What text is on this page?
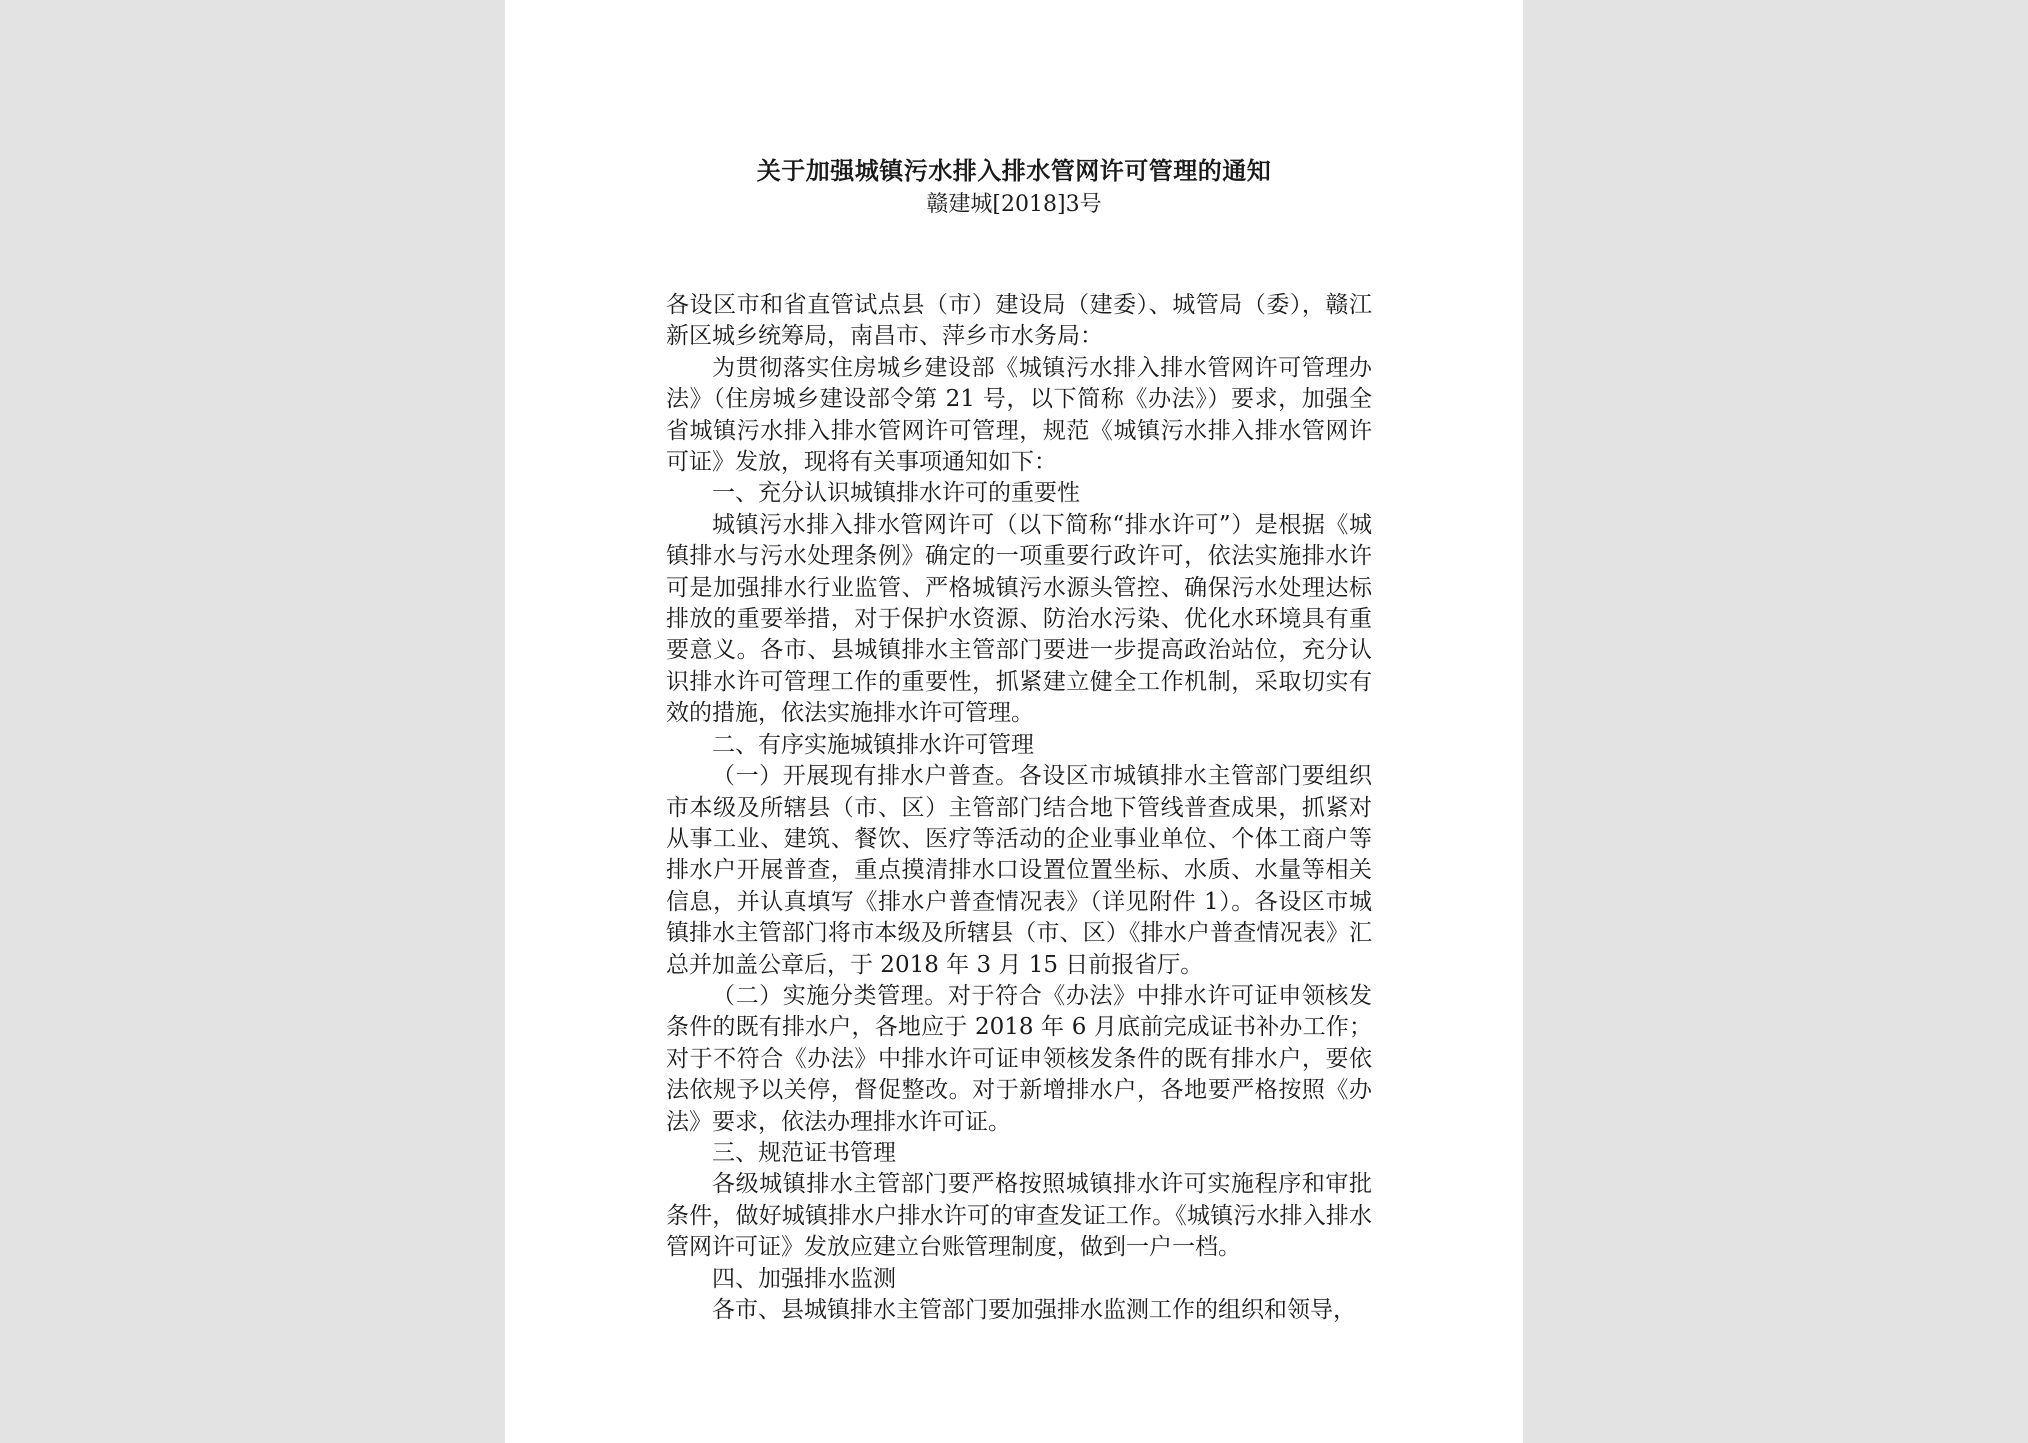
关于加强城镇污水排入排水管网许可管理的通知
赣建城[2018]3号

各设区市和省直管试点县（市）建设局（建委）、城管局（委），赣江新区城乡统筹局，南昌市、萍乡市水务局：

为贯彻落实住房城乡建设部《城镇污水排入排水管网许可管理办法》（住房城乡建设部令第 21 号，以下简称《办法》）要求，加强全省城镇污水排入排水管网许可管理，规范《城镇污水排入排水管网许可证》发放，现将有关事项通知如下：

一、充分认识城镇排水许可的重要性

城镇污水排入排水管网许可（以下简称“排水许可”）是根据《城镇排水与污水处理条例》确定的一项重要行政许可，依法实施排水许可是加强排水行业监管、严格城镇污水源头管控、确保污水处理达标排放的重要举措，对于保护水资源、防治水污染、优化水环境具有重要意义。各市、县城镇排水主管部门要进一步提高政治站位，充分认识排水许可管理工作的重要性，抓紧建立健全工作机制，采取切实有效的措施，依法实施排水许可管理。

二、有序实施城镇排水许可管理

（一）开展现有排水户普查。各设区市城镇排水主管部门要组织市本级及所辖县（市、区）主管部门结合地下管线普查成果，抓紧对从事工业、建筑、餐饮、医疗等活动的企业事业单位、个体工商户等排水户开展普查，重点摸清排水口设置位置坐标、水质、水量等相关信息，并认真填写《排水户普查情况表》（详见附件 1）。各设区市城镇排水主管部门将市本级及所辖县（市、区）《排水户普查情况表》汇总并加盖公章后，于 2018 年 3 月 15 日前报省厅。

（二）实施分类管理。对于符合《办法》中排水许可证申领核发条件的既有排水户，各地应于 2018 年 6 月底前完成证书补办工作；对于不符合《办法》中排水许可证申领核发条件的既有排水户，要依法依规予以关停，督促整改。对于新增排水户，各地要严格按照《办法》要求，依法办理排水许可证。

三、规范证书管理

各级城镇排水主管部门要严格按照城镇排水许可实施程序和审批条件，做好城镇排水户排水许可的审查发证工作。《城镇污水排入排水管网许可证》发放应建立台账管理制度，做到一户一档。

四、加强排水监测

各市、县城镇排水主管部门要加强排水监测工作的组织和领导，
